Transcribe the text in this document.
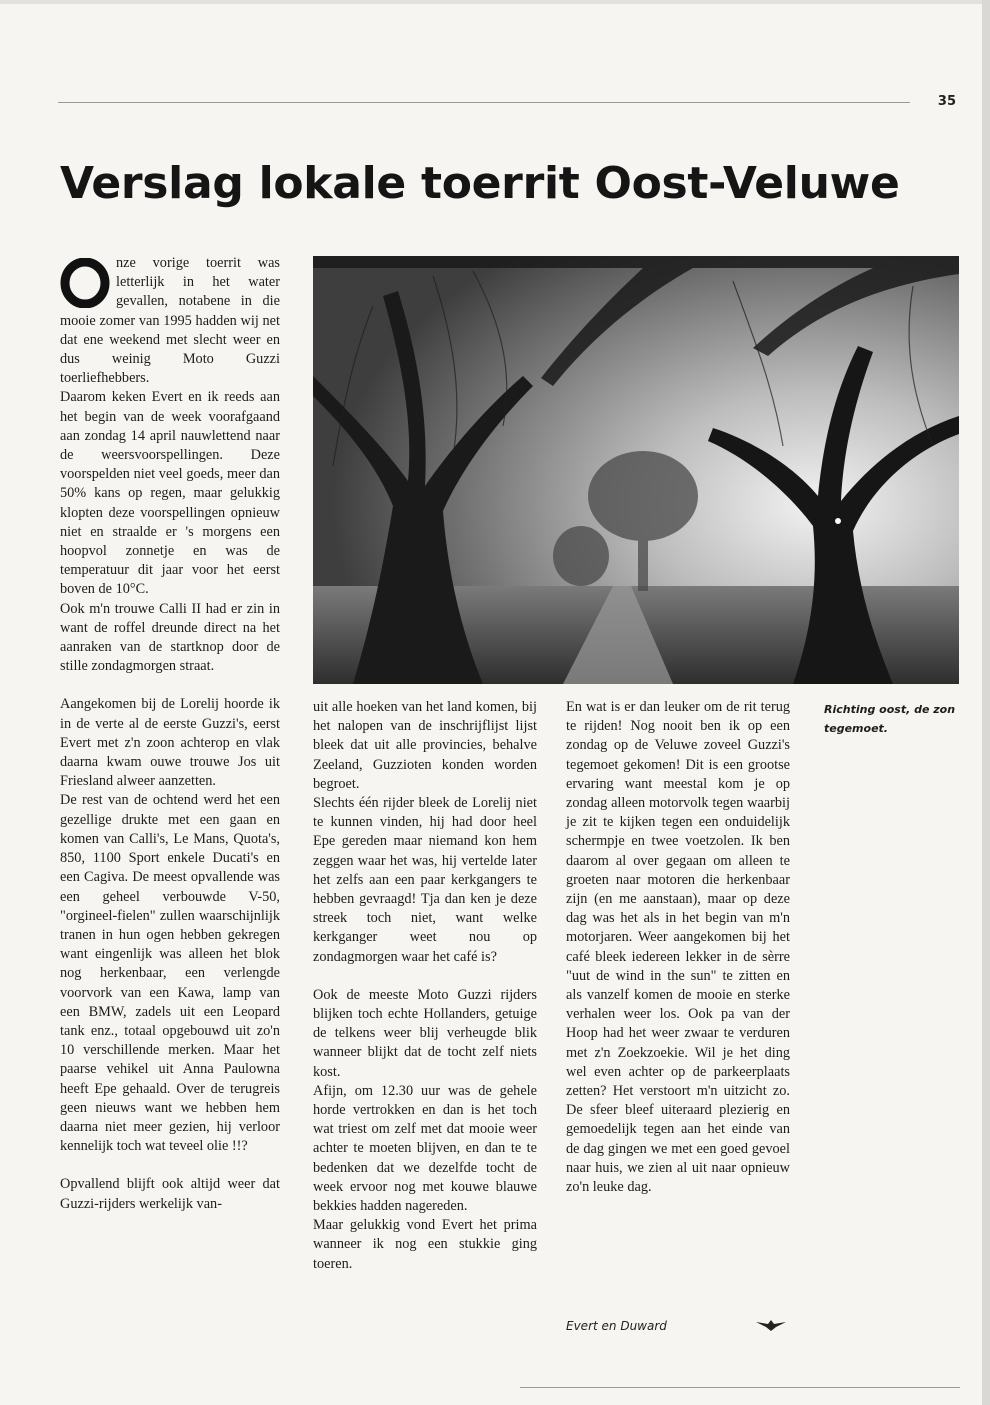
35
Verslag lokale toerrit Oost-Veluwe

nze vorige toerrit was letterlijk in het water gevallen, notabene in die mooie zomer van 1995 hadden wij net dat ene weekend met slecht weer en dus weinig Moto Guzzi toerliefhebbers.

Daarom keken Evert en ik reeds aan het begin van de week voorafgaand aan zondag 14 april nauwlettend naar de weersvoorspellingen. Deze voorspelden niet veel goeds, meer dan 50% kans op regen, maar gelukkig klopten deze voorspellingen opnieuw niet en straalde er 's morgens een hoopvol zonnetje en was de temperatuur dit jaar voor het eerst boven de 10°C.

Ook m'n trouwe Calli II had er zin in want de roffel dreunde direct na het aanraken van de startknop door de stille zondagmorgen straat.

Aangekomen bij de Lorelij hoorde ik in de verte al de eerste Guzzi's, eerst Evert met z'n zoon achterop en vlak daarna kwam ouwe trouwe Jos uit Friesland alweer aanzetten.

De rest van de ochtend werd het een gezellige drukte met een gaan en komen van Calli's, Le Mans, Quota's, 850, 1100 Sport enkele Ducati's en een Cagiva. De meest opvallende was een geheel verbouwde V-50, "orgineel-fielen" zullen waarschijnlijk tranen in hun ogen hebben gekregen want eingenlijk was alleen het blok nog herkenbaar, een verlengde voorvork van een Kawa, lamp van een BMW, zadels uit een Leopard tank enz., totaal opgebouwd uit zo'n 10 verschillende merken. Maar het paarse vehikel uit Anna Paulowna heeft Epe gehaald. Over de terugreis geen nieuws want we hebben hem daarna niet meer gezien, hij verloor kennelijk toch wat teveel olie !!?

Opvallend blijft ook altijd weer dat Guzzi-rijders werkelijk van-

uit alle hoeken van het land komen, bij het nalopen van de inschrijflijst lijst bleek dat uit alle provincies, behalve Zeeland, Guzzioten konden worden begroet.

Slechts één rijder bleek de Lorelij niet te kunnen vinden, hij had door heel Epe gereden maar niemand kon hem zeggen waar het was, hij vertelde later het zelfs aan een paar kerkgangers te hebben gevraagd! Tja dan ken je deze streek toch niet, want welke kerkganger weet nou op zondagmorgen waar het café is?

Ook de meeste Moto Guzzi rijders blijken toch echte Hollanders, getuige de telkens weer blij verheugde blik wanneer blijkt dat de tocht zelf niets kost.

Afijn, om 12.30 uur was de gehele horde vertrokken en dan is het toch wat triest om zelf met dat mooie weer achter te moeten blijven, en dan te te bedenken dat we dezelfde tocht de week ervoor nog met kouwe blauwe bekkies hadden nagereden.

Maar gelukkig vond Evert het prima wanneer ik nog een stukkie ging toeren.

En wat is er dan leuker om de rit terug te rijden! Nog nooit ben ik op een zondag op de Veluwe zoveel Guzzi's tegemoet gekomen! Dit is een grootse ervaring want meestal kom je op zondag alleen motorvolk tegen waarbij je zit te kijken tegen een onduidelijk schermpje en twee voetzolen. Ik ben daarom al over gegaan om alleen te groeten naar motoren die herkenbaar zijn (en me aanstaan), maar op deze dag was het als in het begin van m'n motorjaren. Weer aangekomen bij het café bleek iedereen lekker in de sèrre "uut de wind in the sun" te zitten en als vanzelf komen de mooie en sterke verhalen weer los. Ook pa van der Hoop had het weer zwaar te verduren met z'n Zoekzoekie. Wil je het ding wel even achter op de parkeerplaats zetten? Het verstoort m'n uitzicht zo. De sfeer bleef uiteraard plezierig en gemoedelijk tegen aan het einde van de dag gingen we met een goed gevoel naar huis, we zien al uit naar opnieuw zo'n leuke dag.

Richting oost, de zon tegemoet.
Evert en Duward
